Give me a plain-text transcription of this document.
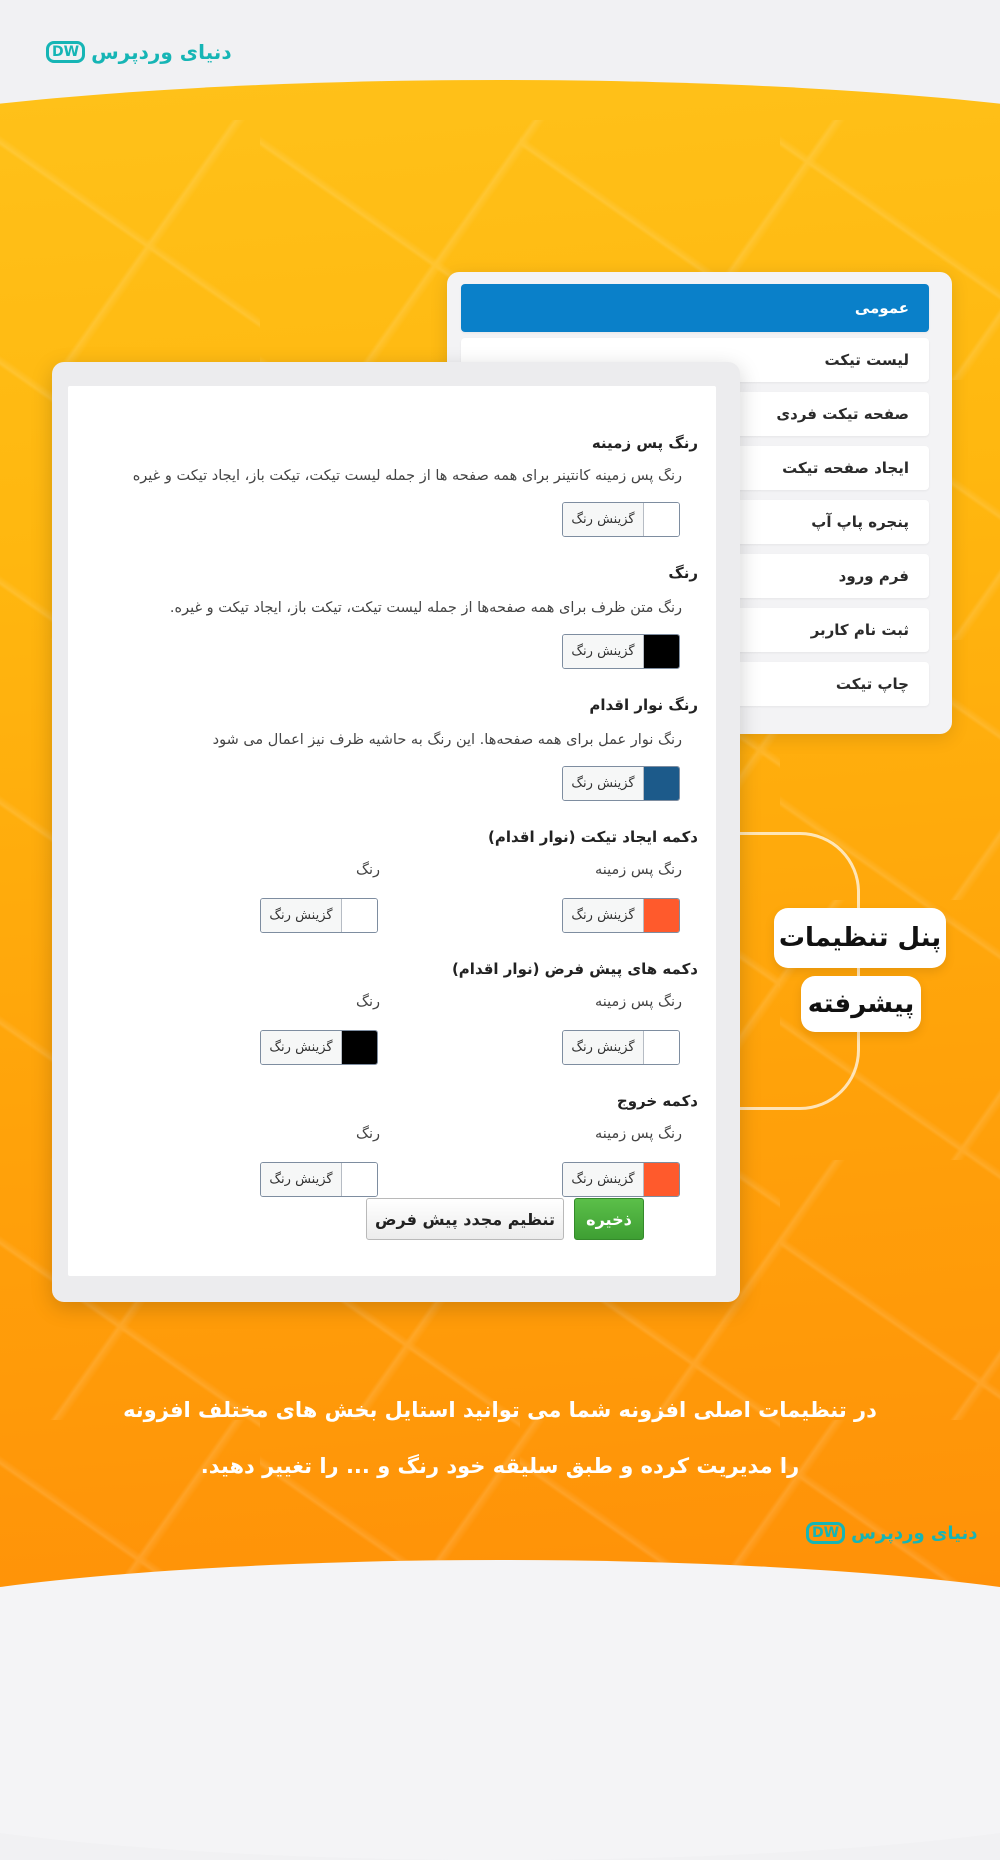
دنیای وردپرس
DW
عمومی
لیست تیکت
صفحه تیکت فردی
ایجاد صفحه تیکت
پنجره پاپ آپ
فرم ورود
ثبت نام کاربر
چاپ تیکت
پنل تنظیمات
پیشرفته
رنگ پس زمینه
رنگ پس زمینه کانتینر برای همه صفحه ها از جمله لیست تیکت، تیکت باز، ایجاد تیکت و غیره
گزینش رنگ
رنگ
رنگ متن ظرف برای همه صفحه‌ها از جمله لیست تیکت، تیکت باز، ایجاد تیکت و غیره.
گزینش رنگ
رنگ نوار اقدام
رنگ نوار عمل برای همه صفحه‌ها. این رنگ به حاشیه ظرف نیز اعمال می شود
گزینش رنگ
دکمه ایجاد تیکت (نوار اقدام)
رنگ پس زمینه
رنگ
گزینش رنگ
گزینش رنگ
دکمه های پیش فرض (نوار اقدام)
رنگ پس زمینه
رنگ
گزینش رنگ
گزینش رنگ
دکمه خروج
رنگ پس زمینه
رنگ
گزینش رنگ
گزینش رنگ
ذخیره
تنظیم مجدد پیش فرض
در تنظیمات اصلی افزونه شما می توانید استایل بخش های مختلف افزونه
را مدیریت کرده و طبق سلیقه خود رنگ و ... را تغییر دهید.
دنیای وردپرس
DW
